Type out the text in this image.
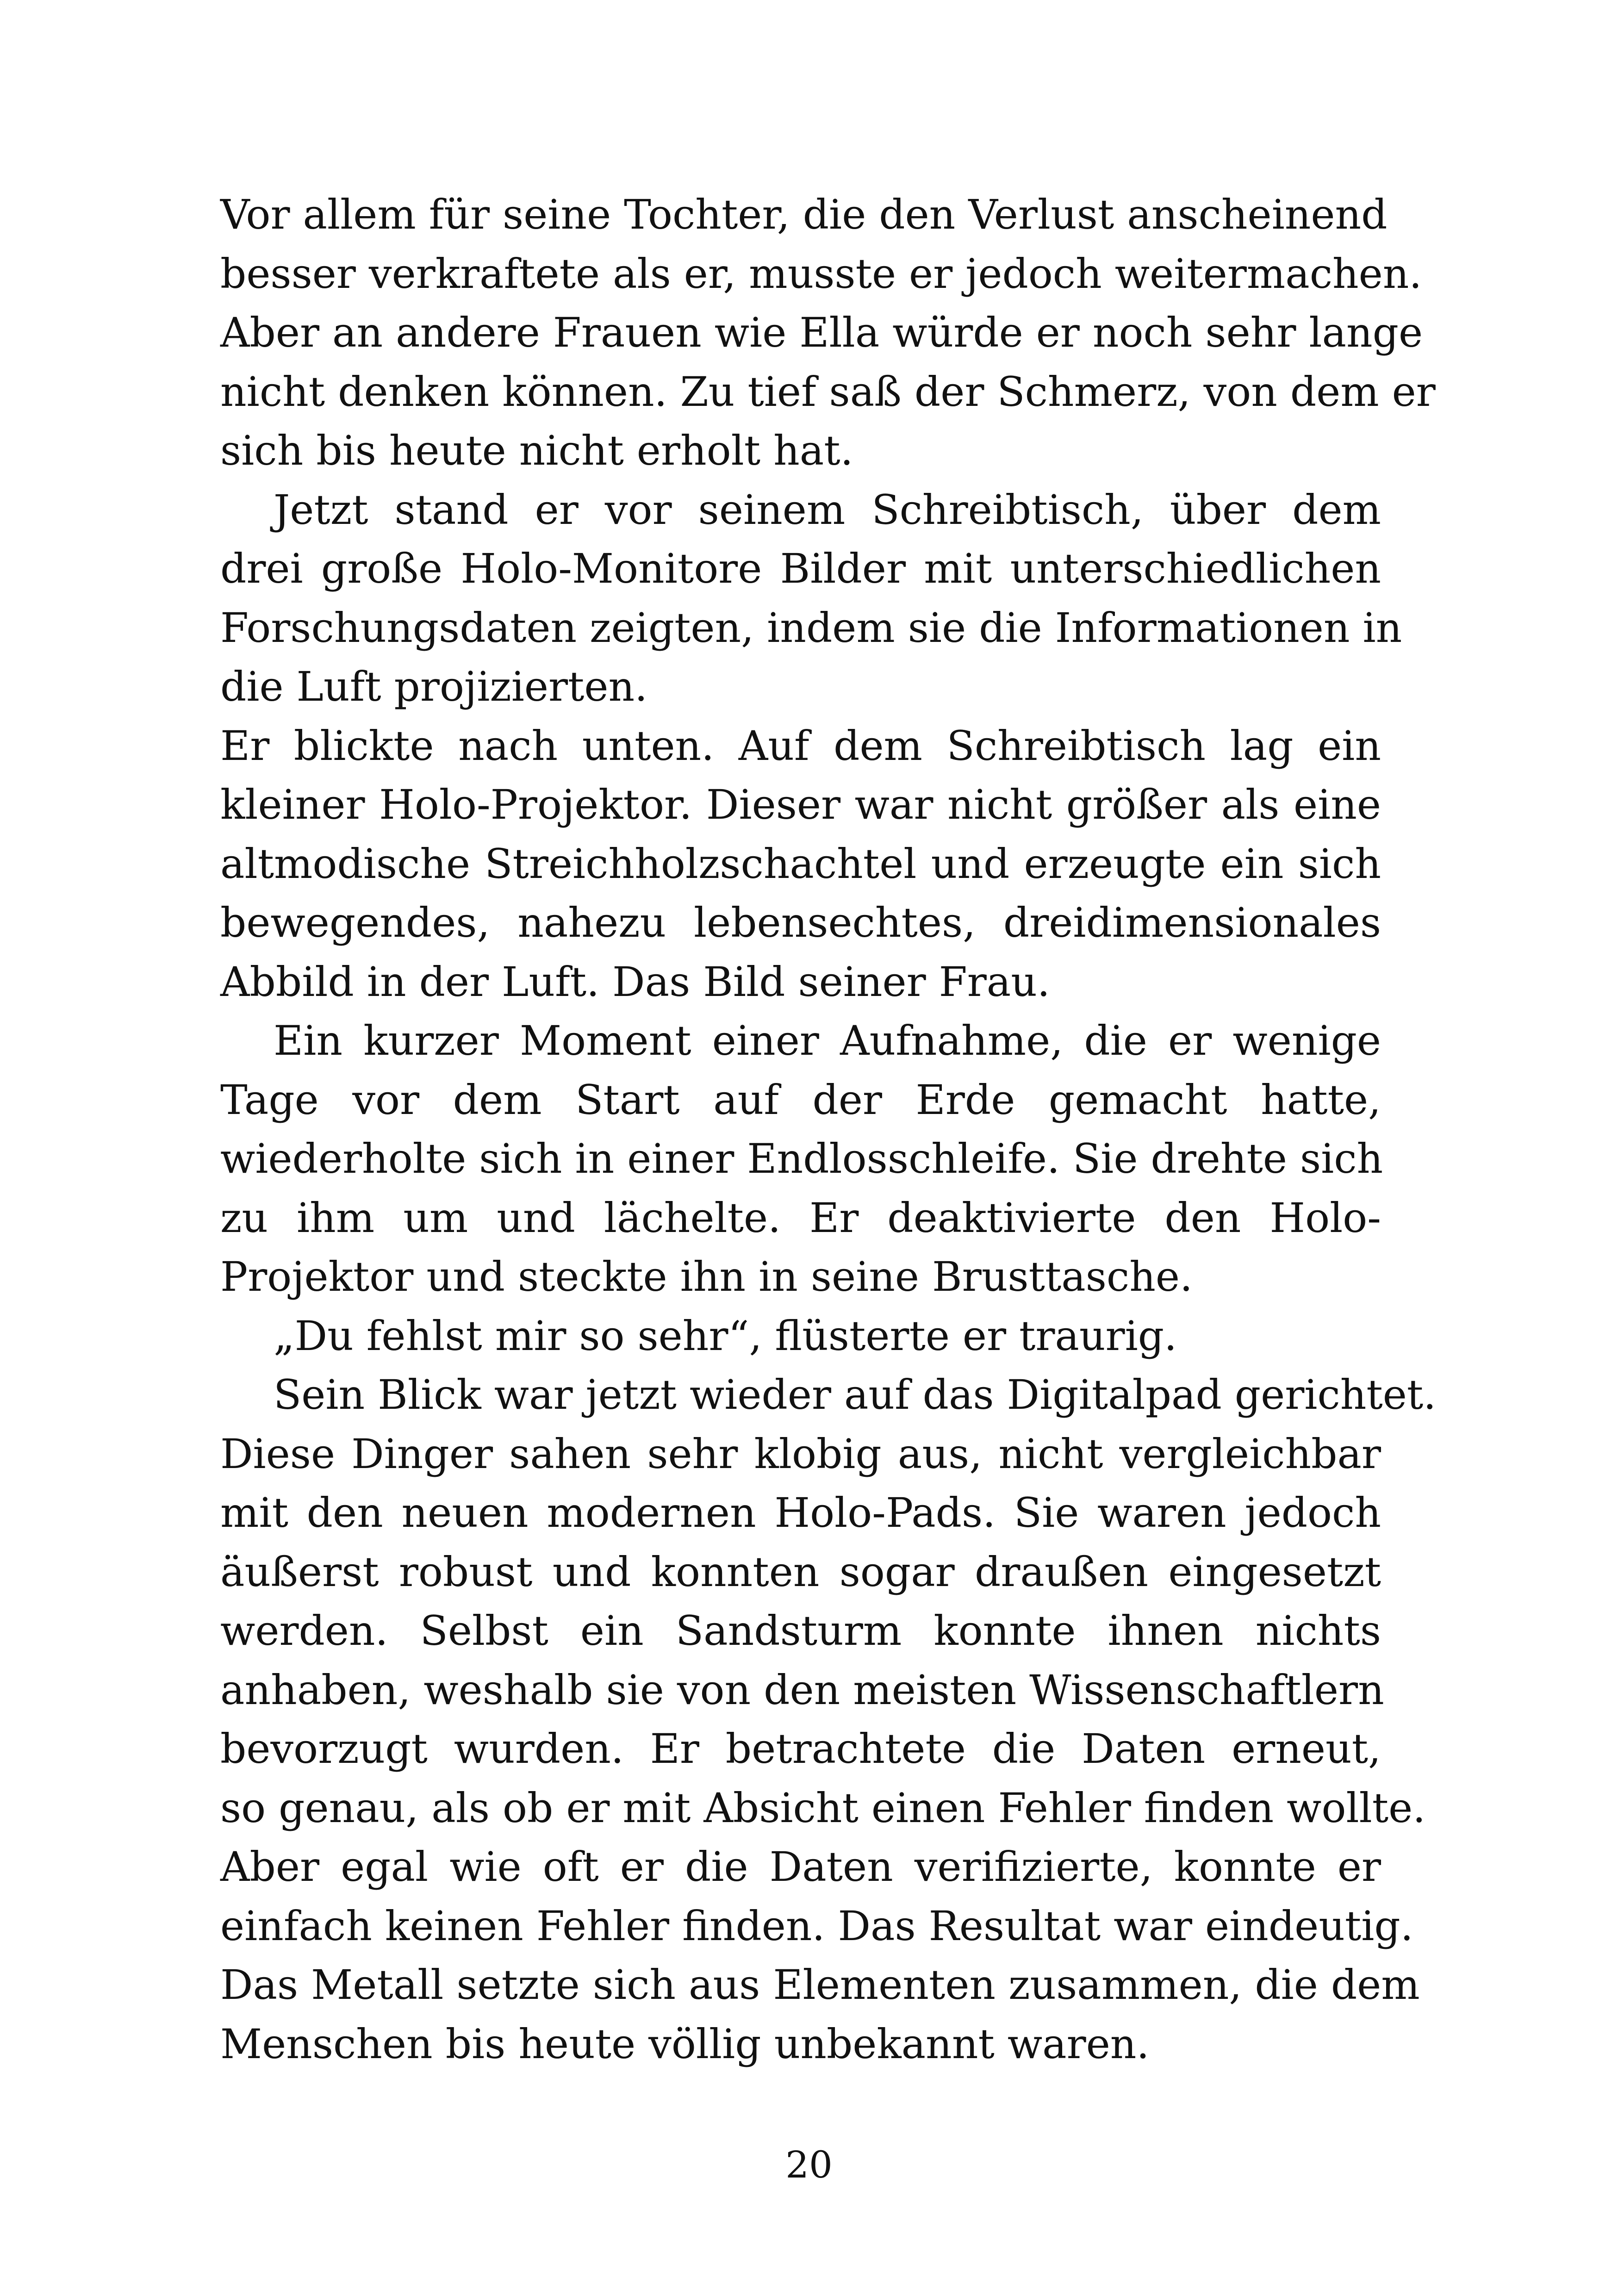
Vor allem für seine Tochter, die den Verlust anscheinend
besser verkraftete als er, musste er jedoch weitermachen.
Aber an andere Frauen wie Ella würde er noch sehr lange
nicht denken können. Zu tief saß der Schmerz, von dem er
sich bis heute nicht erholt hat.
Jetzt stand er vor seinem Schreibtisch, über dem
drei große Holo-Monitore Bilder mit unterschiedlichen
Forschungsdaten zeigten, indem sie die Informationen in
die Luft projizierten.
Er blickte nach unten. Auf dem Schreibtisch lag ein
kleiner Holo-Projektor. Dieser war nicht größer als eine
altmodische Streichholzschachtel und erzeugte ein sich
bewegendes, nahezu lebensechtes, dreidimensionales
Abbild in der Luft. Das Bild seiner Frau.
Ein kurzer Moment einer Aufnahme, die er wenige
Tage vor dem Start auf der Erde gemacht hatte,
wiederholte sich in einer Endlosschleife. Sie drehte sich
zu ihm um und lächelte. Er deaktivierte den Holo-
Projektor und steckte ihn in seine Brusttasche.
„Du fehlst mir so sehr“, flüsterte er traurig.
Sein Blick war jetzt wieder auf das Digitalpad gerichtet.
Diese Dinger sahen sehr klobig aus, nicht vergleichbar
mit den neuen modernen Holo-Pads. Sie waren jedoch
äußerst robust und konnten sogar draußen eingesetzt
werden. Selbst ein Sandsturm konnte ihnen nichts
anhaben, weshalb sie von den meisten Wissenschaftlern
bevorzugt wurden. Er betrachtete die Daten erneut,
so genau, als ob er mit Absicht einen Fehler finden wollte.
Aber egal wie oft er die Daten verifizierte, konnte er
einfach keinen Fehler finden. Das Resultat war eindeutig.
Das Metall setzte sich aus Elementen zusammen, die dem
Menschen bis heute völlig unbekannt waren.
20
